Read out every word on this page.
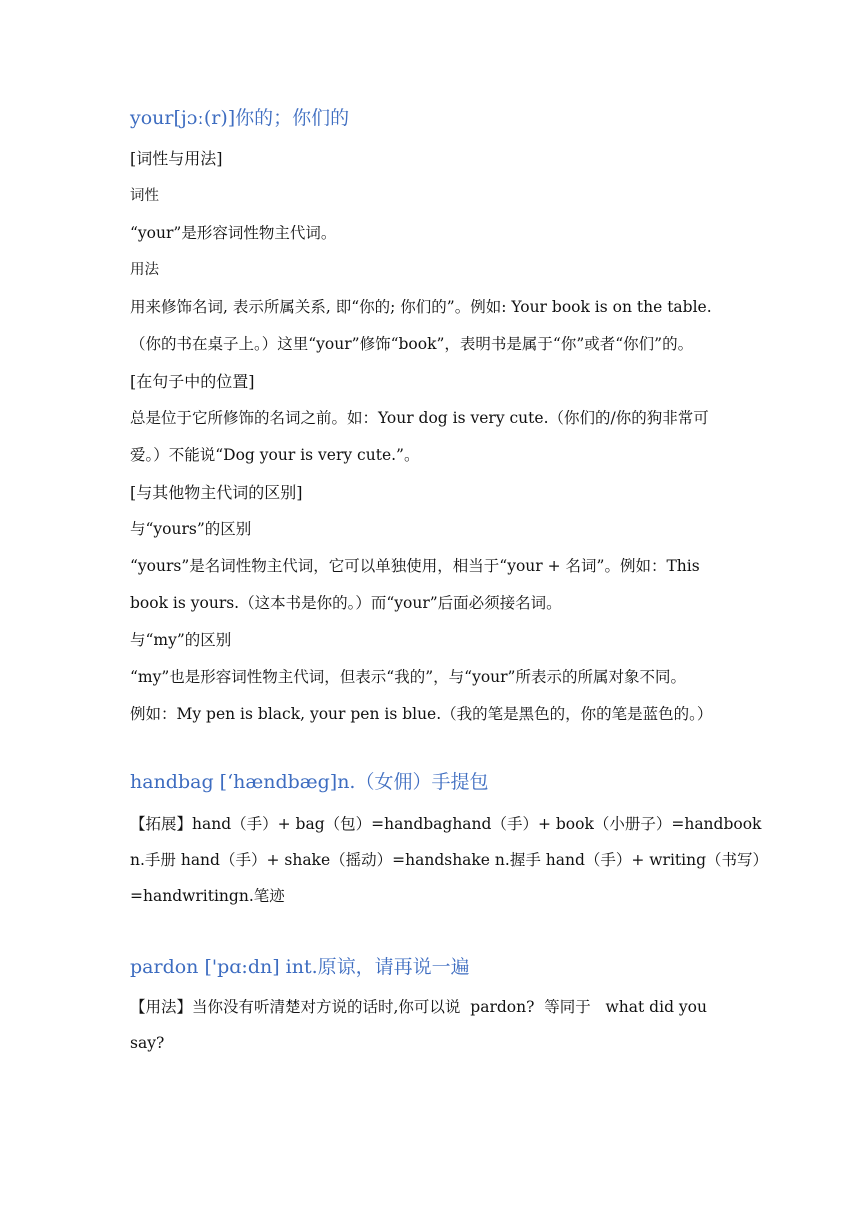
your[jɔː(r)]你的；你们的
[词性与用法]
词性
“your”是形容词性物主代词。
用法
用来修饰名词, 表示所属关系, 即“你的; 你们的”。例如: Your book is on the table.
（你的书在桌子上。）这里“your”修饰“book”，表明书是属于“你”或者“你们”的。
[在句子中的位置]
总是位于它所修饰的名词之前。如：Your dog is very cute.（你们的/你的狗非常可
爱。）不能说“Dog your is very cute.”。
[与其他物主代词的区别]
与“yours”的区别
“yours”是名词性物主代词，它可以单独使用，相当于“your + 名词”。例如：This
book is yours.（这本书是你的。）而“your”后面必须接名词。
与“my”的区别
“my”也是形容词性物主代词，但表示“我的”，与“your”所表示的所属对象不同。
例如：My pen is black, your pen is blue.（我的笔是黑色的，你的笔是蓝色的。）
handbag [‘hændbæg]n.（女佣）手提包
【拓展】hand（手）+ bag（包）=handbaghand（手）+ book（小册子）=handbook
n.手册 hand（手）+ shake（摇动）=handshake n.握手 hand（手）+ writing（书写）
=handwritingn.笔迹
pardon ['pɑ:dn] int.原谅，请再说一遍
【用法】当你没有听清楚对方说的话时,你可以说  pardon?  等同于   what did you
say?
